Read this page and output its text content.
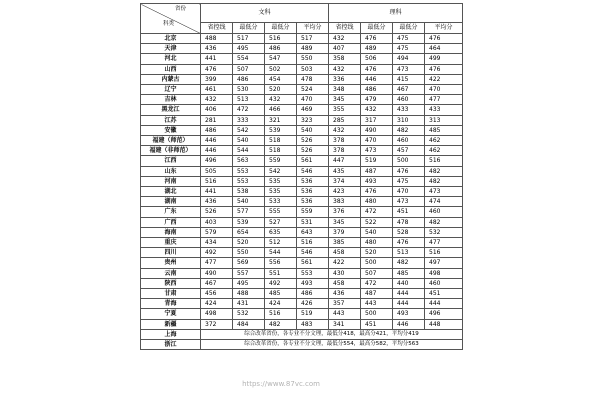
省份
科类	文科				理科			
	省控线	最低分	最低分	平均分	省控线	最低分	最低分	平均分
北京	488	517	516	517	432	476	475	476
天津	436	495	486	489	407	489	475	464
河北	441	554	547	550	358	506	494	499
山西	476	507	502	503	432	476	473	476
内蒙古	399	486	454	478	336	446	415	422
辽宁	461	530	520	524	348	486	467	470
吉林	432	513	432	470	345	479	460	477
黑龙江	406	472	466	469	355	432	433	433
江苏	281	333	321	323	285	317	310	313
安徽	486	542	539	540	432	490	482	485
福建（师范）	446	540	518	526	378	470	460	462
福建（非师范）	446	544	518	526	378	473	457	462
江西	496	563	559	561	447	519	500	516
山东	505	553	542	546	435	487	476	482
河南	516	553	535	536	374	493	475	482
湖北	441	538	535	536	423	476	470	473
湖南	436	540	533	536	383	480	473	474
广东	526	577	555	559	376	472	451	460
广西	403	539	527	531	345	522	478	482
海南	579	654	635	643	379	540	528	532
重庆	434	520	512	516	385	480	476	477
四川	492	550	544	546	458	520	513	516
贵州	477	569	556	561	422	500	482	497
云南	490	557	551	553	430	507	485	498
陕西	467	495	492	493	458	472	440	460
甘肃	456	488	485	486	436	487	444	451
青海	424	431	424	426	357	443	444	444
宁夏	498	532	516	519	443	500	493	496
新疆	372	484	482	483	341	451	446	448
上海	综合改革省份，各专业不分文理，最低分418，最高分421，平均分419							
浙江	综合改革省份，各专业不分文理，最低分554，最高分582，平均分563							
https://www.87vc.com
